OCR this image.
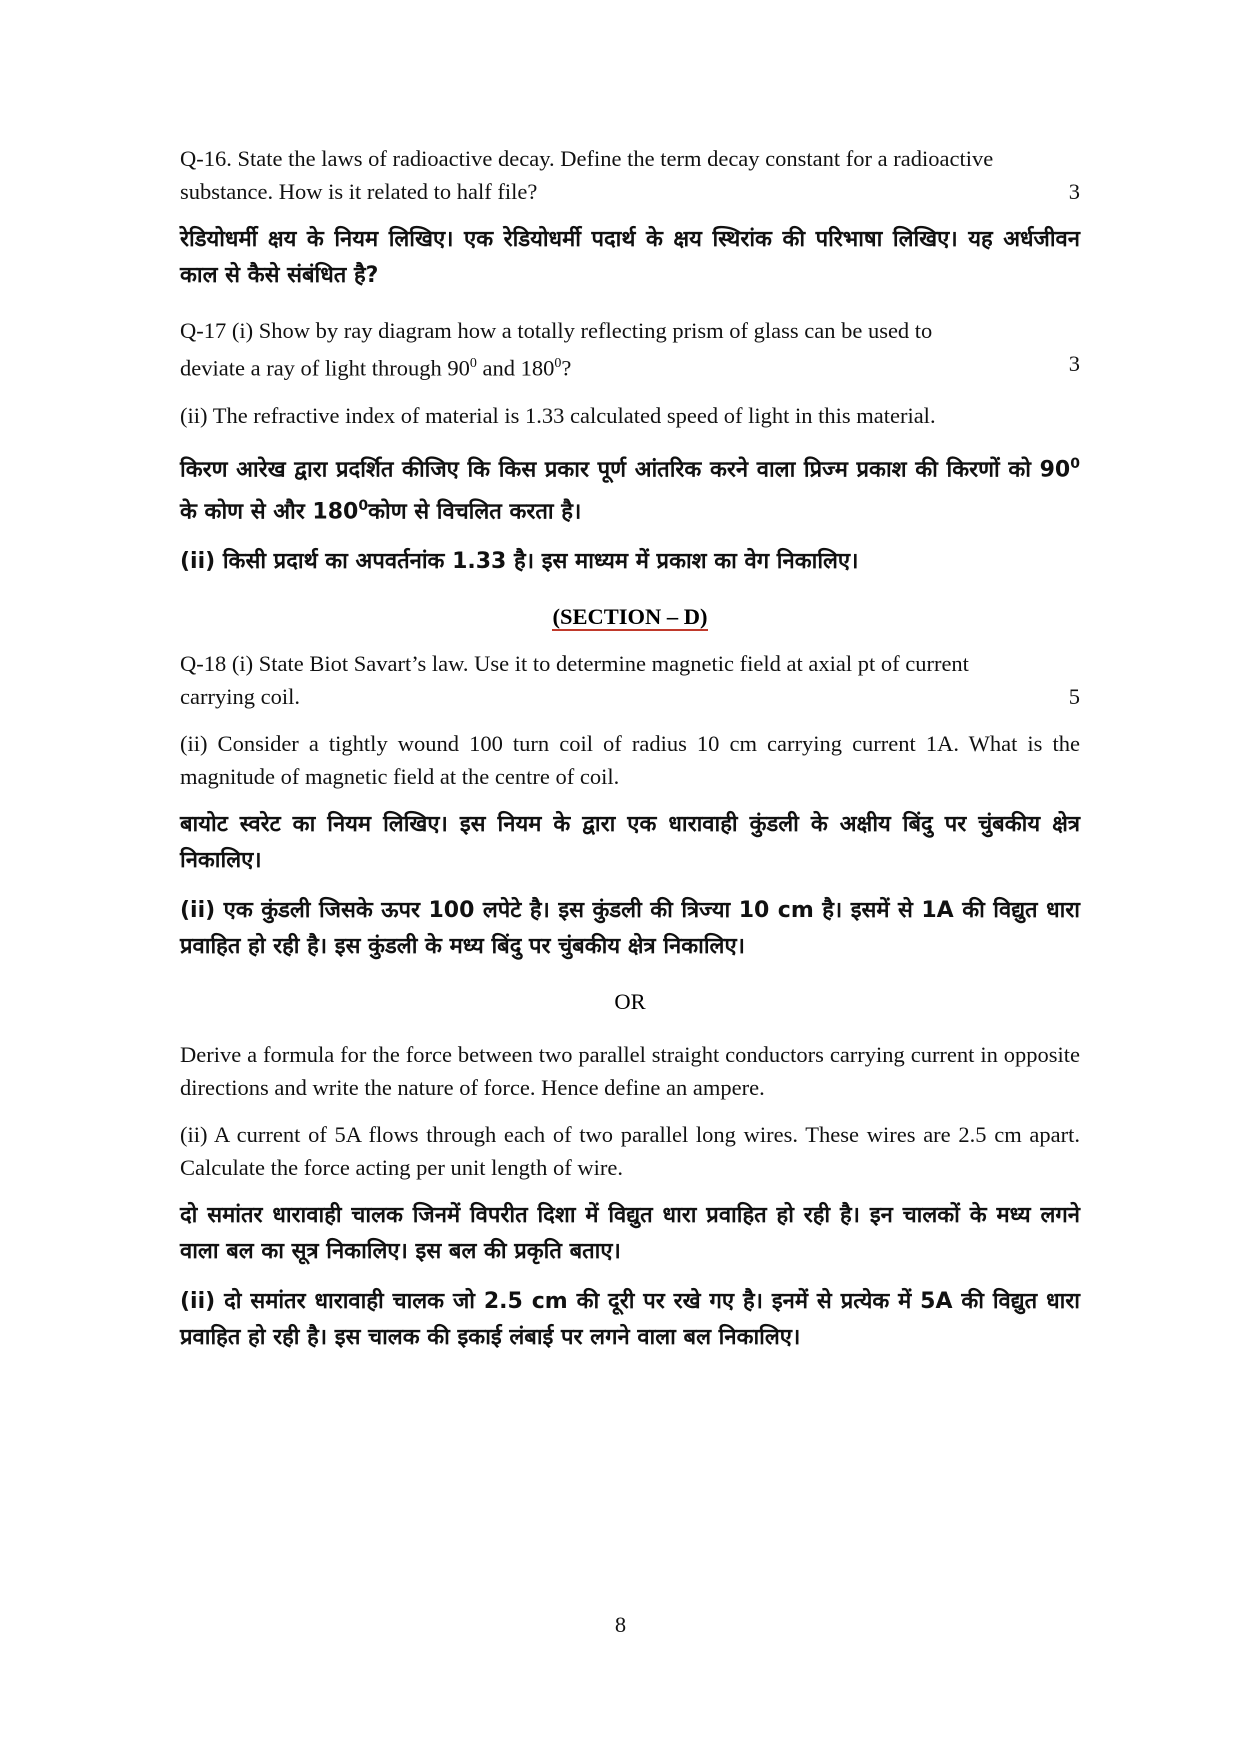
Q-16. State the laws of radioactive decay. Define the term decay constant for a radioactive
substance. How is it related to half file?	3

रेडियोधर्मी क्षय के नियम लिखिए। एक रेडियोधर्मी पदार्थ के क्षय स्थिरांक की परिभाषा लिखिए। यह अर्धजीवन काल से कैसे संबंधित है?

Q-17 (i) Show by ray diagram how a totally reflecting prism of glass can be used to
deviate a ray of light through $90^0$ and $180^0$?	3

(ii) The refractive index of material is 1.33 calculated speed of light in this material.

किरण आरेख द्वारा प्रदर्शित कीजिए कि किस प्रकार पूर्ण आंतरिक करने वाला प्रिज्म प्रकाश की किरणों को $90^0$ के कोण से और $180^0कोण$ से विचलित करता है।

(ii) किसी प्रदार्थ का अपवर्तनांक 1.33 है। इस माध्यम में प्रकाश का वेग निकालिए।

(SECTION – D)

Q-18 (i) State Biot Savart’s law. Use it to determine magnetic field at axial pt of current
carrying coil.	5

(ii) Consider a tightly wound 100 turn coil of radius 10 cm carrying current 1A. What is the magnitude of magnetic field at the centre of coil.

बायोट स्वरेट का नियम लिखिए। इस नियम के द्वारा एक धारावाही कुंडली के अक्षीय बिंदु पर चुंबकीय क्षेत्र निकालिए।

(ii) एक कुंडली जिसके ऊपर 100 लपेटे है। इस कुंडली की त्रिज्या 10 cm है। इसमें से 1A की विद्युत धारा प्रवाहित हो रही है। इस कुंडली के मध्य बिंदु पर चुंबकीय क्षेत्र निकालिए।

OR

Derive a formula for the force between two parallel straight conductors carrying current in opposite directions and write the nature of force. Hence define an ampere.

(ii) A current of 5A flows through each of two parallel long wires. These wires are 2.5 cm apart. Calculate the force acting per unit length of wire.

दो समांतर धारावाही चालक जिनमें विपरीत दिशा में विद्युत धारा प्रवाहित हो रही है। इन चालकों के मध्य लगने वाला बल का सूत्र निकालिए। इस बल की प्रकृति बताए।

(ii) दो समांतर धारावाही चालक जो 2.5 cm की दूरी पर रखे गए है। इनमें से प्रत्येक में 5A की विद्युत धारा प्रवाहित हो रही है। इस चालक की इकाई लंबाई पर लगने वाला बल निकालिए।

8
